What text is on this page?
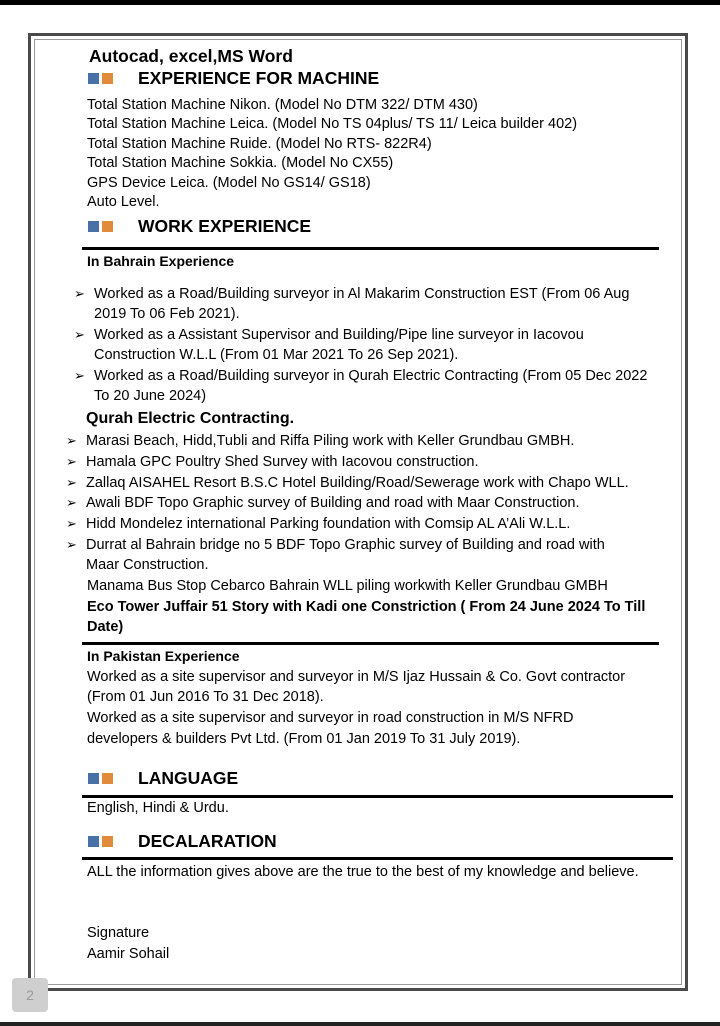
Autocad, excel,MS Word
EXPERIENCE FOR MACHINE
Total Station Machine Nikon. (Model No DTM 322/ DTM 430)
Total Station Machine Leica. (Model No TS 04plus/ TS 11/ Leica builder 402)
Total Station Machine Ruide. (Model No RTS- 822R4)
Total Station Machine Sokkia. (Model No CX55)
GPS Device Leica. (Model No GS14/ GS18)
Auto Level.
WORK EXPERIENCE
In Bahrain Experience
➢ Worked as a Road/Building surveyor in Al Makarim Construction EST (From 06 Aug
2019 To 06 Feb 2021).
➢ Worked as a Assistant Supervisor and Building/Pipe line surveyor in Iacovou
Construction W.L.L (From 01 Mar 2021 To 26 Sep 2021).
➢ Worked as a Road/Building surveyor in Qurah Electric Contracting (From 05 Dec 2022
To 20 June 2024)
Qurah Electric Contracting.
➢ Marasi Beach, Hidd,Tubli and Riffa Piling work with Keller Grundbau GMBH.
➢ Hamala GPC Poultry Shed Survey with Iacovou construction.
➢ Zallaq AISAHEL Resort B.S.C Hotel Building/Road/Sewerage work with Chapo WLL.
➢ Awali BDF Topo Graphic survey of Building and road with Maar Construction.
➢ Hidd Mondelez international Parking foundation with Comsip AL A’Ali W.L.L.
➢ Durrat al Bahrain bridge no 5 BDF Topo Graphic survey of Building and road with
Maar Construction.
Manama Bus Stop Cebarco Bahrain WLL piling workwith Keller Grundbau GMBH
Eco Tower Juffair 51 Story with Kadi one Constriction ( From 24 June 2024 To Till
Date)
In Pakistan Experience
Worked as a site supervisor and surveyor in M/S Ijaz Hussain & Co. Govt contractor
(From 01 Jun 2016 To 31 Dec 2018).
Worked as a site supervisor and surveyor in road construction in M/S NFRD
developers & builders Pvt Ltd. (From 01 Jan 2019 To 31 July 2019).
LANGUAGE
English, Hindi & Urdu.
DECALARATION
ALL the information gives above are the true to the best of my knowledge and believe.
Signature
Aamir Sohail
2
